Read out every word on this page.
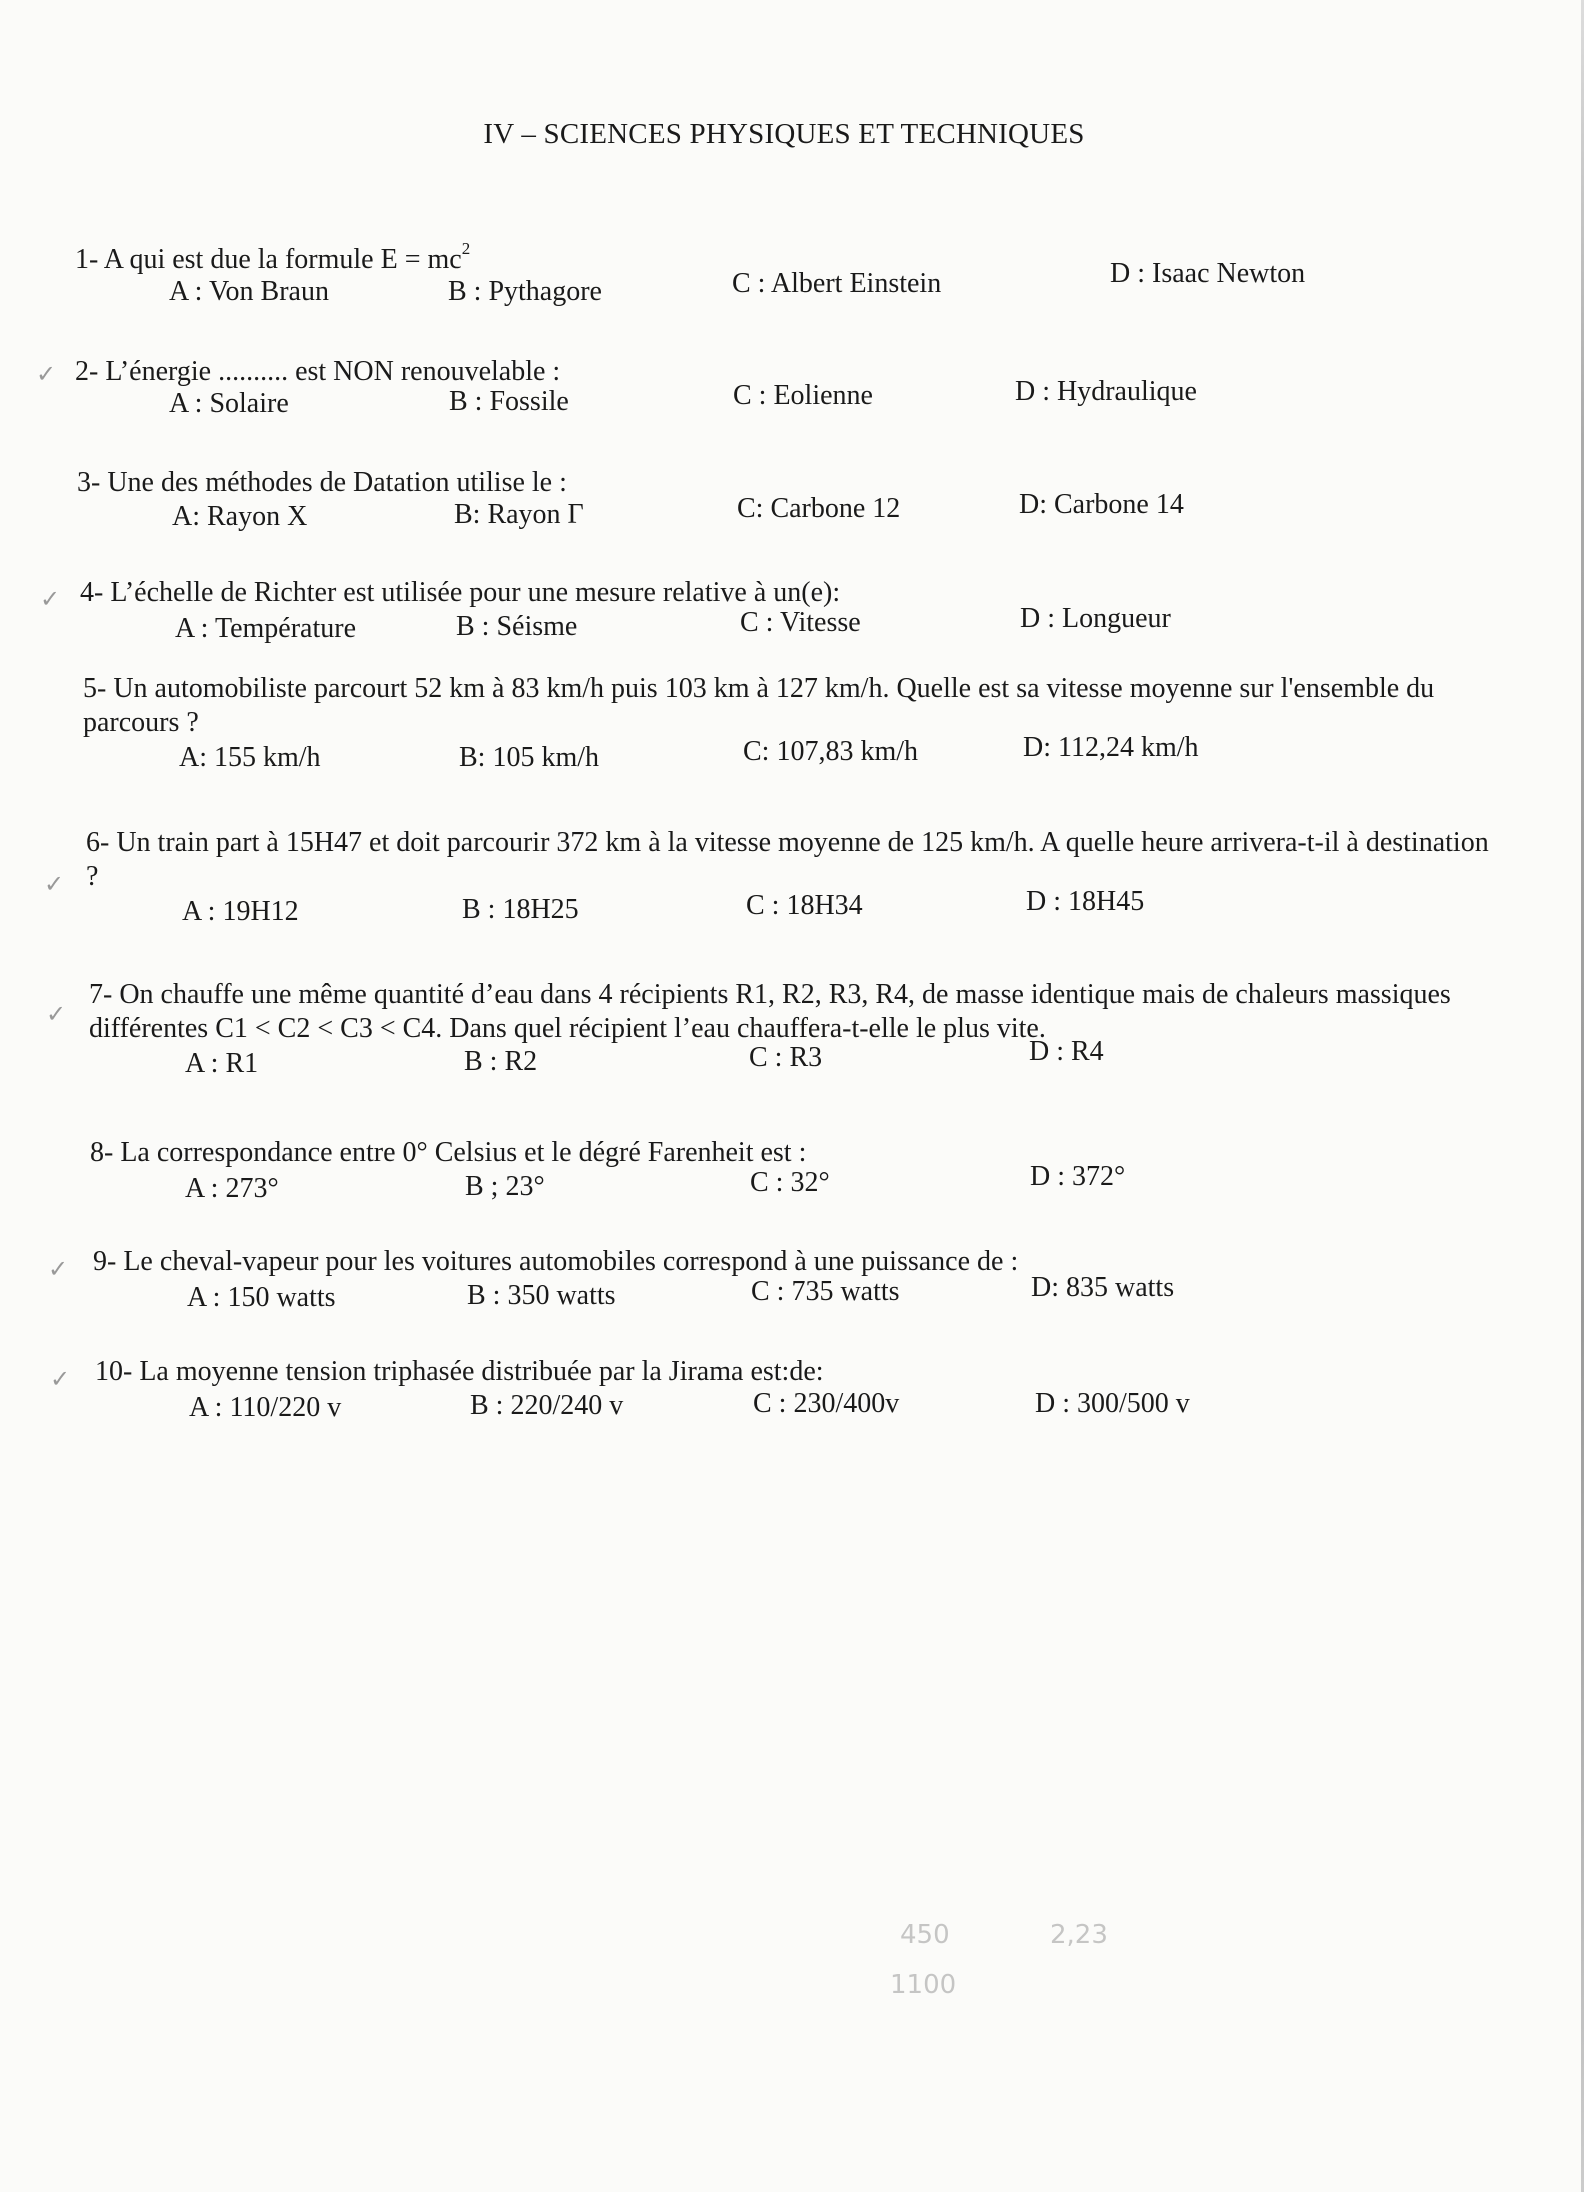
IV – SCIENCES PHYSIQUES ET TECHNIQUES
1- A qui est due la formule $E = mc^2$
A : Von Braun	B : Pythagore	C : Albert Einstein	D : Isaac Newton
2- L’énergie .......... est NON renouvelable :
A : Solaire	B : Fossile	C : Eolienne	D : Hydraulique
3- Une des méthodes de Datation utilise le :
A: Rayon X	B: Rayon Γ	C: Carbone 12	D: Carbone 14
4- L’échelle de Richter est utilisée pour une mesure relative à un(e):
A : Température	B : Séisme	C : Vitesse	D : Longueur
5- Un automobiliste parcourt 52 km à 83 km/h puis 103 km à 127 km/h. Quelle est sa vitesse moyenne sur l'ensemble du parcours ?
A: 155 km/h	B: 105 km/h	C: 107,83 km/h	D: 112,24 km/h
6- Un train part à 15H47 et doit parcourir 372 km à la vitesse moyenne de 125 km/h. A quelle heure arrivera-t-il à destination ?
A : 19H12	B : 18H25	C : 18H34	D : 18H45
7- On chauffe une même quantité d’eau dans 4 récipients R1, R2, R3, R4, de masse identique mais de chaleurs massiques différentes C1 < C2 < C3 < C4. Dans quel récipient l’eau chauffera-t-elle le plus vite.
A : R1	B : R2	C : R3	D : R4
8- La correspondance entre 0° Celsius et le dégré Farenheit est :
A : 273°	B ; 23°	C : 32°	D : 372°
9- Le cheval-vapeur pour les voitures automobiles correspond à une puissance de :
A : 150 watts	B : 350 watts	C : 735 watts	D: 835 watts
10- La moyenne tension triphasée distribuée par la Jirama est:de:
A : 110/220 v	B : 220/240 v	C : 230/400v	D : 300/500 v
✓
✓
✓
✓
✓
✓
450
1100
2,23
